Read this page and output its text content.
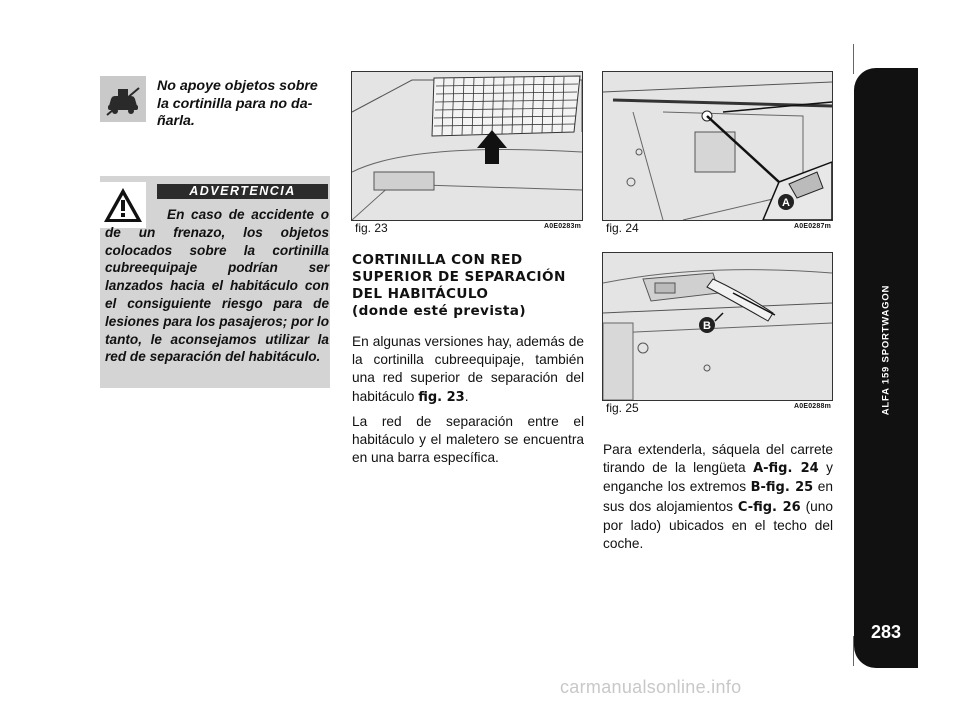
No apoye objetos sobre la cortinilla para no dañarla.
ADVERTENCIA
En caso de accidente o de un frenazo, los objetos colocados sobre la cortinilla cubreequipaje podrían ser lanzados hacia el habitáculo con el consiguiente riesgo para de lesiones para los pasajeros; por lo tanto, le aconsejamos utilizar la red de separación del habitáculo.
fig. 23	A0E0283m
A
fig. 24	A0E0287m
B
fig. 25	A0E0288m
CORTINILLA CON RED
SUPERIOR DE SEPARACIÓN
DEL HABITÁCULO
(donde esté prevista)
En algunas versiones hay, además de la cortinilla cubreequipaje, también una red superior de separación del habitáculo fig. 23.
La red de separación entre el habitáculo y el maletero se encuentra en una barra específica.
Para extenderla, sáquela del carrete tirando de la lengüeta A-fig. 24 y enganche los extremos B-fig. 25 en sus dos alojamientos C-fig. 26 (uno por lado) ubicados en el techo del coche.
ALFA 159 SPORTWAGON
283
carmanualsonline.info
